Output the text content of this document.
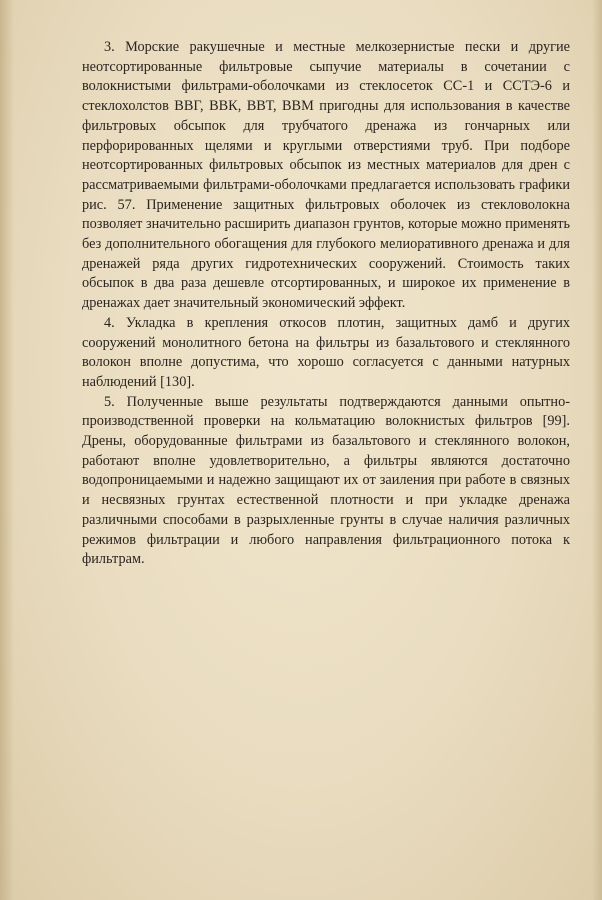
3. Морские ракушечные и местные мелкозернистые пески и другие неотсортированные фильтровые сыпучие материалы в сочетании с волокнистыми фильтрами-оболочками из стеклосеток СС-1 и ССТЭ-6 и стеклохолстов ВВГ, ВВК, ВВТ, ВВМ пригодны для использования в качестве фильтровых обсыпок для трубчатого дренажа из гончарных или перфорированных щелями и круглыми отверстиями труб. При подборе неотсортированных фильтровых обсыпок из местных материалов для дрен с рассматриваемыми фильтрами-оболочками предлагается использовать графики рис. 57. Применение защитных фильтровых оболочек из стекловолокна позволяет значительно расширить диапазон грунтов, которые можно применять без дополнительного обогащения для глубокого мелиоративного дренажа и для дренажей ряда других гидротехнических сооружений. Стоимость таких обсыпок в два раза дешевле отсортированных, и широкое их применение в дренажах дает значительный экономический эффект.

4. Укладка в крепления откосов плотин, защитных дамб и других сооружений монолитного бетона на фильтры из базальтового и стеклянного волокон вполне допустима, что хорошо согласуется с данными натурных наблюдений [130].

5. Полученные выше результаты подтверждаются данными опытно-производственной проверки на кольматацию волокнистых фильтров [99]. Дрены, оборудованные фильтрами из базальтового и стеклянного волокон, работают вполне удовлетворительно, а фильтры являются достаточно водопроницаемыми и надежно защищают их от заиления при работе в связных и несвязных грунтах естественной плотности и при укладке дренажа различными способами в разрыхленные грунты в случае наличия различных режимов фильтрации и любого направления фильтрационного потока к фильтрам.
